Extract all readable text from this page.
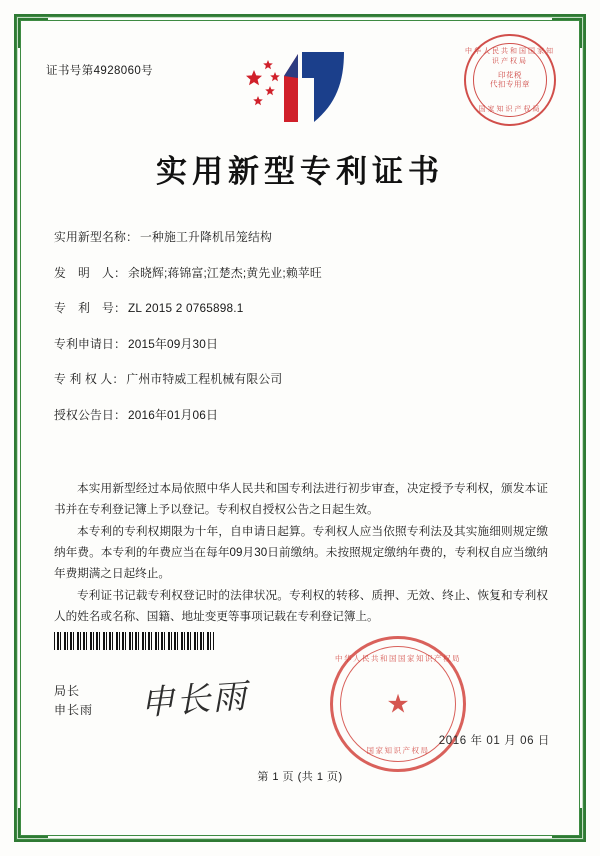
证书号第4928060号
中华人民共和国国家知识产权局
印花税
代扣专用章
国家知识产权局
实用新型专利证书
实用新型名称： 一种施工升降机吊笼结构
发　明　人： 余晓辉;蒋锦富;江楚杰;黄先业;赖苹旺
专　利　号： ZL 2015 2 0765898.1
专利申请日： 2015年09月30日
专 利 权 人： 广州市特威工程机械有限公司
授权公告日： 2016年01月06日

本实用新型经过本局依照中华人民共和国专利法进行初步审查，决定授予专利权，颁发本证书并在专利登记簿上予以登记。专利权自授权公告之日起生效。

本专利的专利权期限为十年，自申请日起算。专利权人应当依照专利法及其实施细则规定缴纳年费。本专利的年费应当在每年09月30日前缴纳。未按照规定缴纳年费的，专利权自应当缴纳年费期满之日起终止。

专利证书记载专利权登记时的法律状况。专利权的转移、质押、无效、终止、恢复和专利权人的姓名或名称、国籍、地址变更等事项记载在专利登记簿上。

局长
申长雨 申长雨
中华人民共和国国家知识产权局
★
国家知识产权局
2016 年 01 月 06 日
第 1 页 (共 1 页)
